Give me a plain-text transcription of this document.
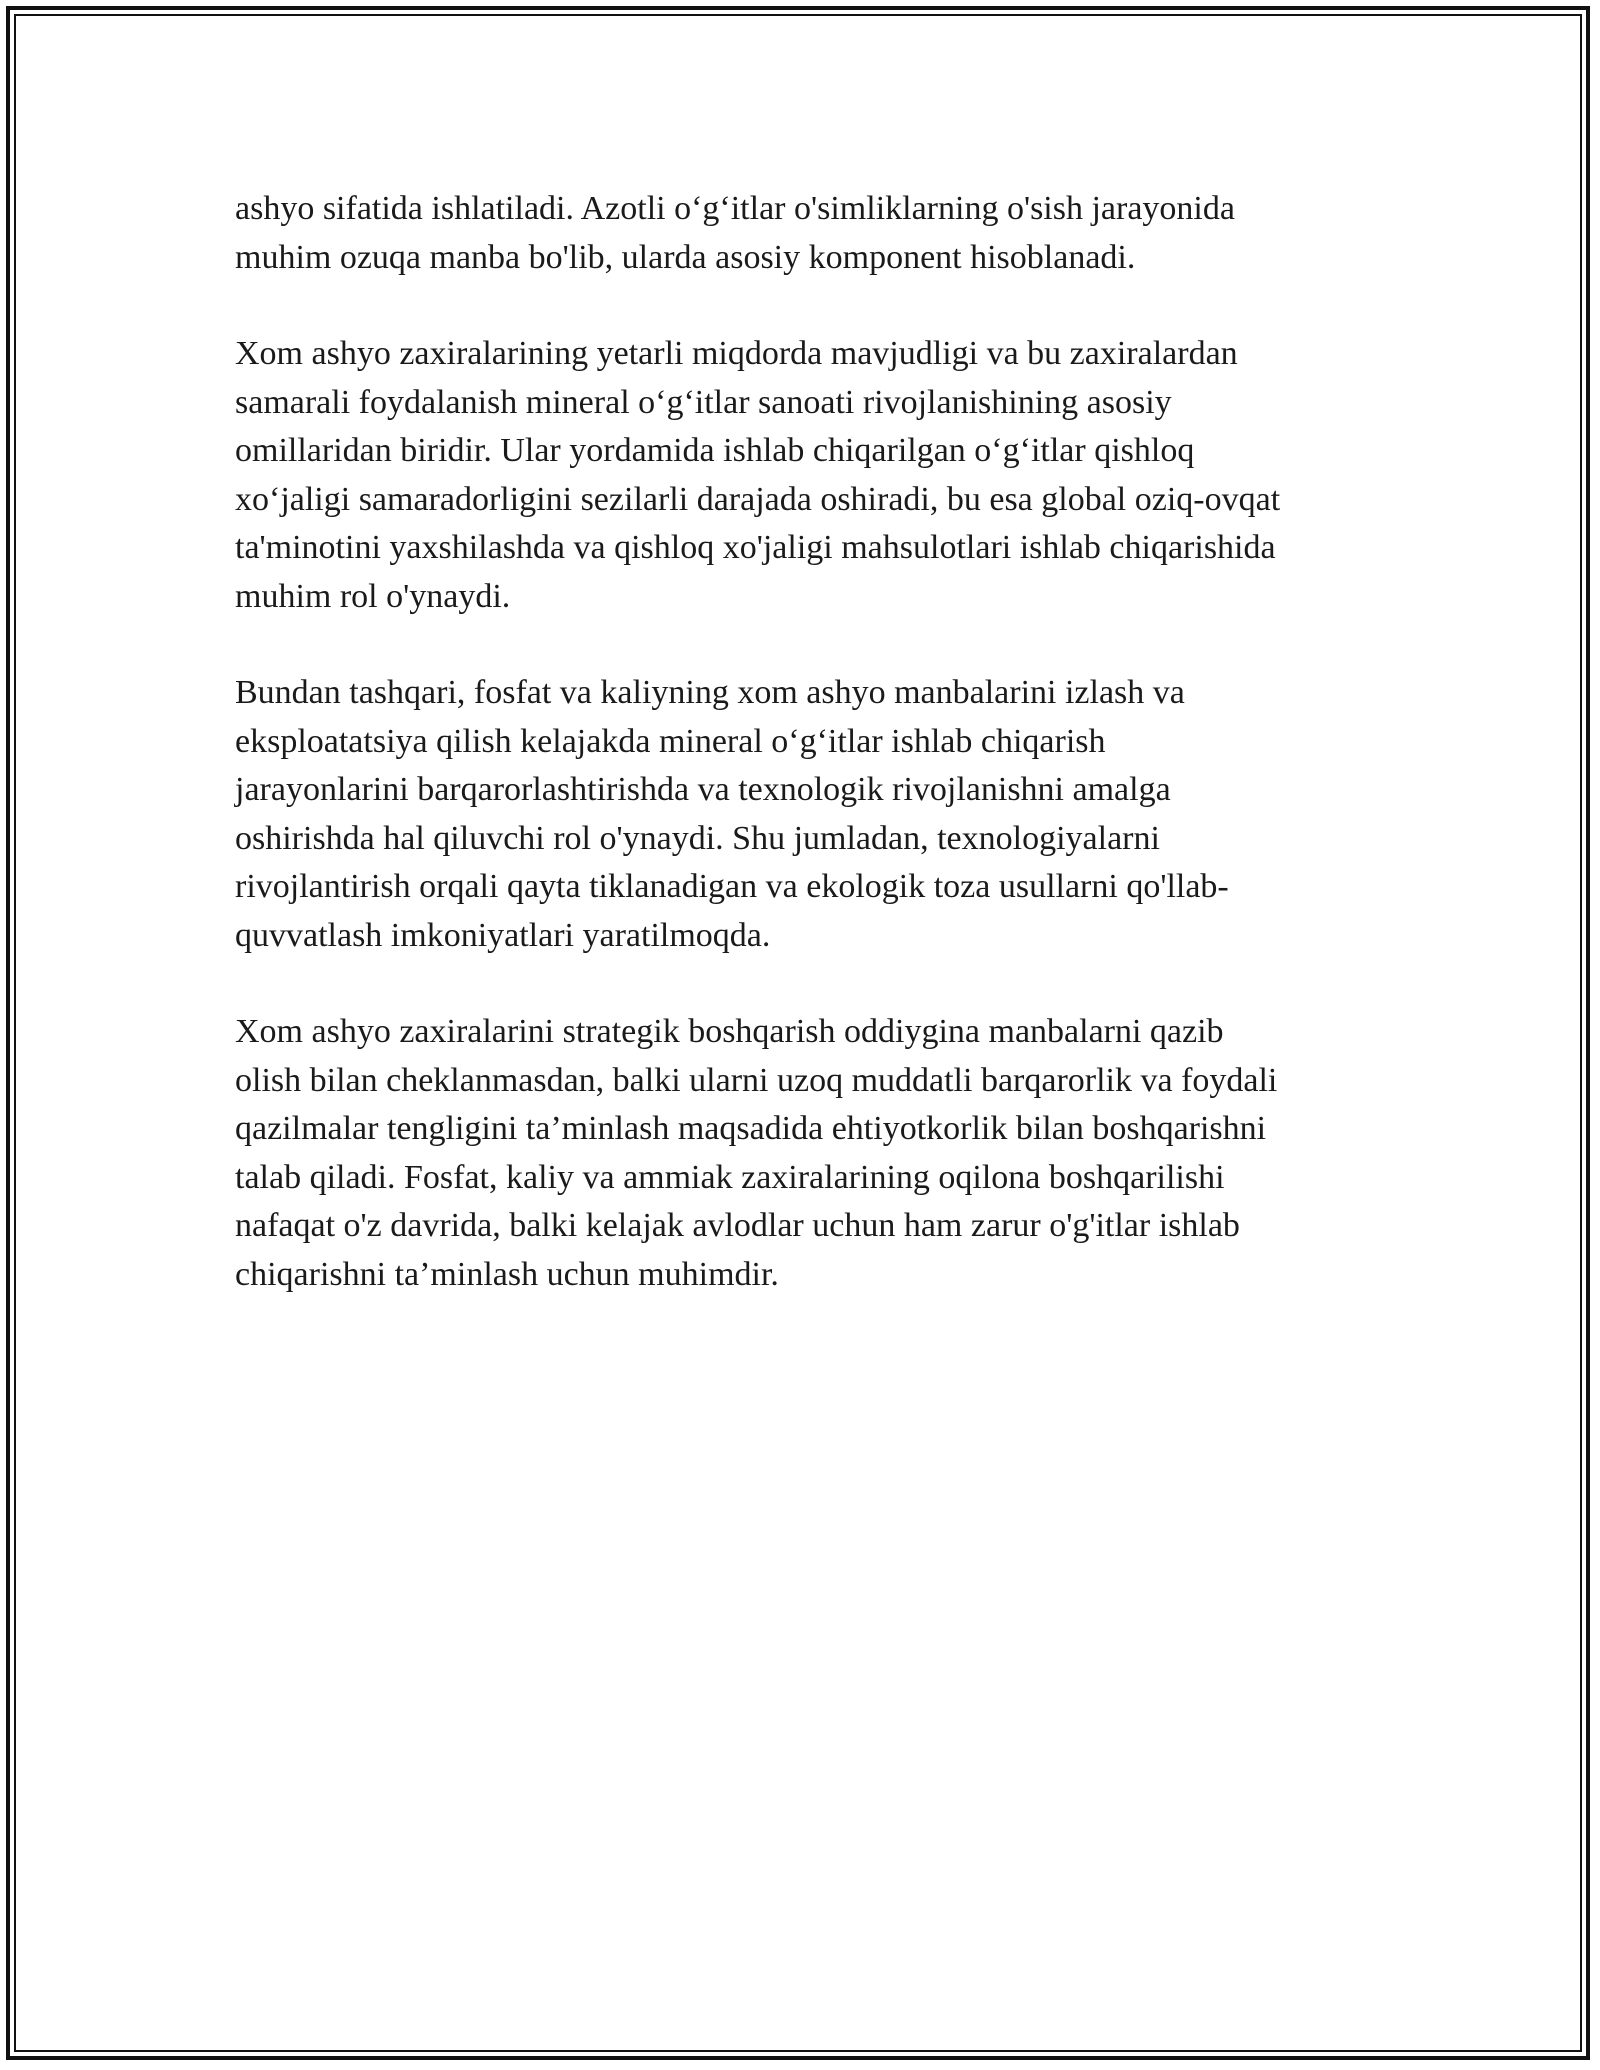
ashyo sifatida ishlatiladi. Azotli o‘g‘itlar o'simliklarning o'sish jarayonida
muhim ozuqa manba bo'lib, ularda asosiy komponent hisoblanadi.

Xom ashyo zaxiralarining yetarli miqdorda mavjudligi va bu zaxiralardan
samarali foydalanish mineral o‘g‘itlar sanoati rivojlanishining asosiy
omillaridan biridir. Ular yordamida ishlab chiqarilgan o‘g‘itlar qishloq
xo‘jaligi samaradorligini sezilarli darajada oshiradi, bu esa global oziq-ovqat
ta'minotini yaxshilashda va qishloq xo'jaligi mahsulotlari ishlab chiqarishida
muhim rol o'ynaydi.

Bundan tashqari, fosfat va kaliyning xom ashyo manbalarini izlash va
eksploatatsiya qilish kelajakda mineral o‘g‘itlar ishlab chiqarish
jarayonlarini barqarorlashtirishda va texnologik rivojlanishni amalga
oshirishda hal qiluvchi rol o'ynaydi. Shu jumladan, texnologiyalarni
rivojlantirish orqali qayta tiklanadigan va ekologik toza usullarni qo'llab-
quvvatlash imkoniyatlari yaratilmoqda.

Xom ashyo zaxiralarini strategik boshqarish oddiygina manbalarni qazib
olish bilan cheklanmasdan, balki ularni uzoq muddatli barqarorlik va foydali
qazilmalar tengligini ta’minlash maqsadida ehtiyotkorlik bilan boshqarishni
talab qiladi. Fosfat, kaliy va ammiak zaxiralarining oqilona boshqarilishi
nafaqat o'z davrida, balki kelajak avlodlar uchun ham zarur o'g'itlar ishlab
chiqarishni ta’minlash uchun muhimdir.
